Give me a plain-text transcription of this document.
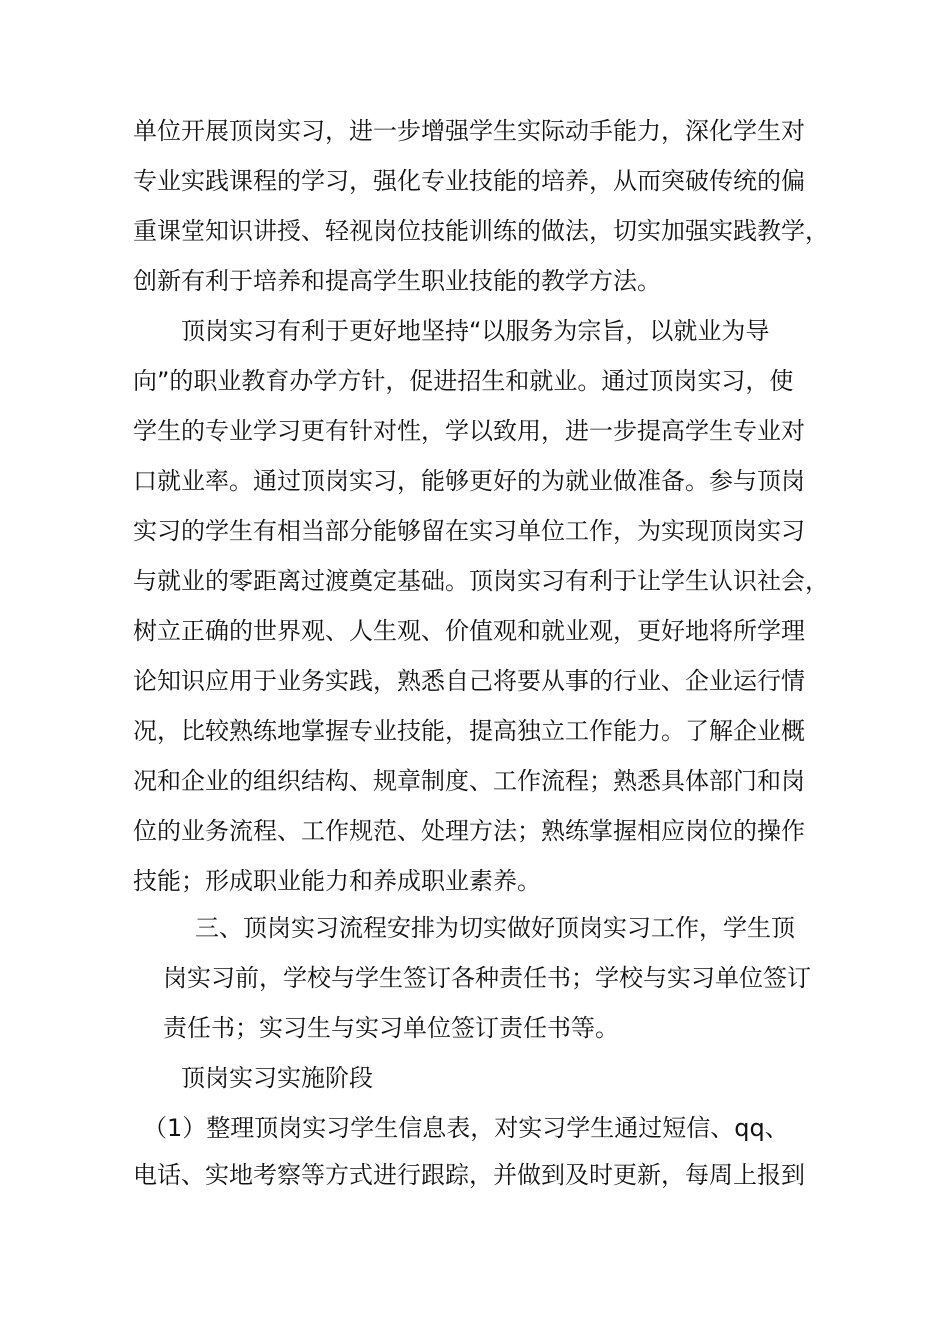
单位开展顶岗实习，进一步增强学生实际动手能力，深化学生对

专业实践课程的学习，强化专业技能的培养，从而突破传统的偏

重课堂知识讲授、轻视岗位技能训练的做法，切实加强实践教学，

创新有利于培养和提高学生职业技能的教学方法。

顶岗实习有利于更好地坚持“以服务为宗旨，以就业为导

向”的职业教育办学方针，促进招生和就业。通过顶岗实习，使

学生的专业学习更有针对性，学以致用，进一步提高学生专业对

口就业率。通过顶岗实习，能够更好的为就业做准备。参与顶岗

实习的学生有相当部分能够留在实习单位工作，为实现顶岗实习

与就业的零距离过渡奠定基础。顶岗实习有利于让学生认识社会，

树立正确的世界观、人生观、价值观和就业观，更好地将所学理

论知识应用于业务实践，熟悉自己将要从事的行业、企业运行情

况，比较熟练地掌握专业技能，提高独立工作能力。了解企业概

况和企业的组织结构、规章制度、工作流程；熟悉具体部门和岗

位的业务流程、工作规范、处理方法；熟练掌握相应岗位的操作

技能；形成职业能力和养成职业素养。

三、顶岗实习流程安排为切实做好顶岗实习工作，学生顶

岗实习前，学校与学生签订各种责任书；学校与实习单位签订

责任书；实习生与实习单位签订责任书等。

顶岗实习实施阶段

（1）整理顶岗实习学生信息表，对实习学生通过短信、qq、

电话、实地考察等方式进行跟踪，并做到及时更新，每周上报到
